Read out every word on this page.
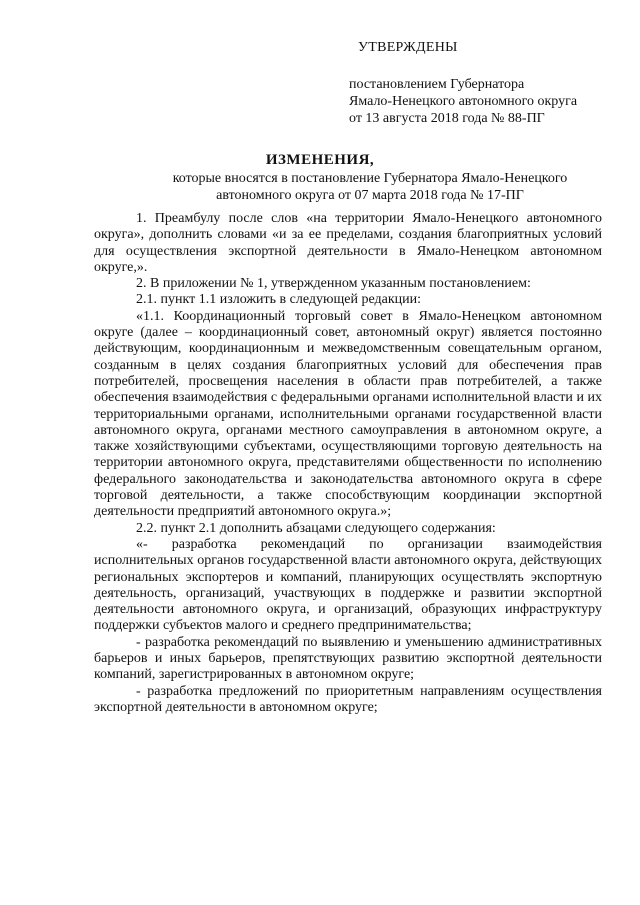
УТВЕРЖДЕНЫ
постановлением Губернатора
Ямало-Ненецкого автономного округа
от 13 августа 2018 года № 88-ПГ
ИЗМЕНЕНИЯ,
которые вносятся в постановление Губернатора Ямало-Ненецкого
автономного округа от 07 марта 2018 года № 17-ПГ

1. Преамбулу после слов «на территории Ямало-Ненецкого автономного округа», дополнить словами «и за ее пределами, создания благоприятных условий для осуществления экспортной деятельности в Ямало-Ненецком автономном округе,».

2. В приложении № 1, утвержденном указанным постановлением:

2.1. пункт 1.1 изложить в следующей редакции:

«1.1. Координационный торговый совет в Ямало-Ненецком автономном округе (далее – координационный совет, автономный округ) является постоянно действующим, координационным и межведомственным совещательным органом, созданным в целях создания благоприятных условий для обеспечения прав потребителей, просвещения населения в области прав потребителей, а также обеспечения взаимодействия с федеральными органами исполнительной власти и их территориальными органами, исполнительными органами государственной власти автономного округа, органами местного самоуправления в автономном округе, а также хозяйствующими субъектами, осуществляющими торговую деятельность на территории автономного округа, представителями общественности по исполнению федерального законодательства и законодательства автономного округа в сфере торговой деятельности, а также способствующим координации экспортной деятельности предприятий автономного округа.»;

2.2. пункт 2.1 дополнить абзацами следующего содержания:

«- разработка рекомендаций по организации взаимодействия исполнительных органов государственной власти автономного округа, действующих региональных экспортеров и компаний, планирующих осуществлять экспортную деятельность, организаций, участвующих в поддержке и развитии экспортной деятельности автономного округа, и организаций, образующих инфраструктуру поддержки субъектов малого и среднего предпринимательства;

- разработка рекомендаций по выявлению и уменьшению административных барьеров и иных барьеров, препятствующих развитию экспортной деятельности компаний, зарегистрированных в автономном округе;

- разработка предложений по приоритетным направлениям осуществления экспортной деятельности в автономном округе;
